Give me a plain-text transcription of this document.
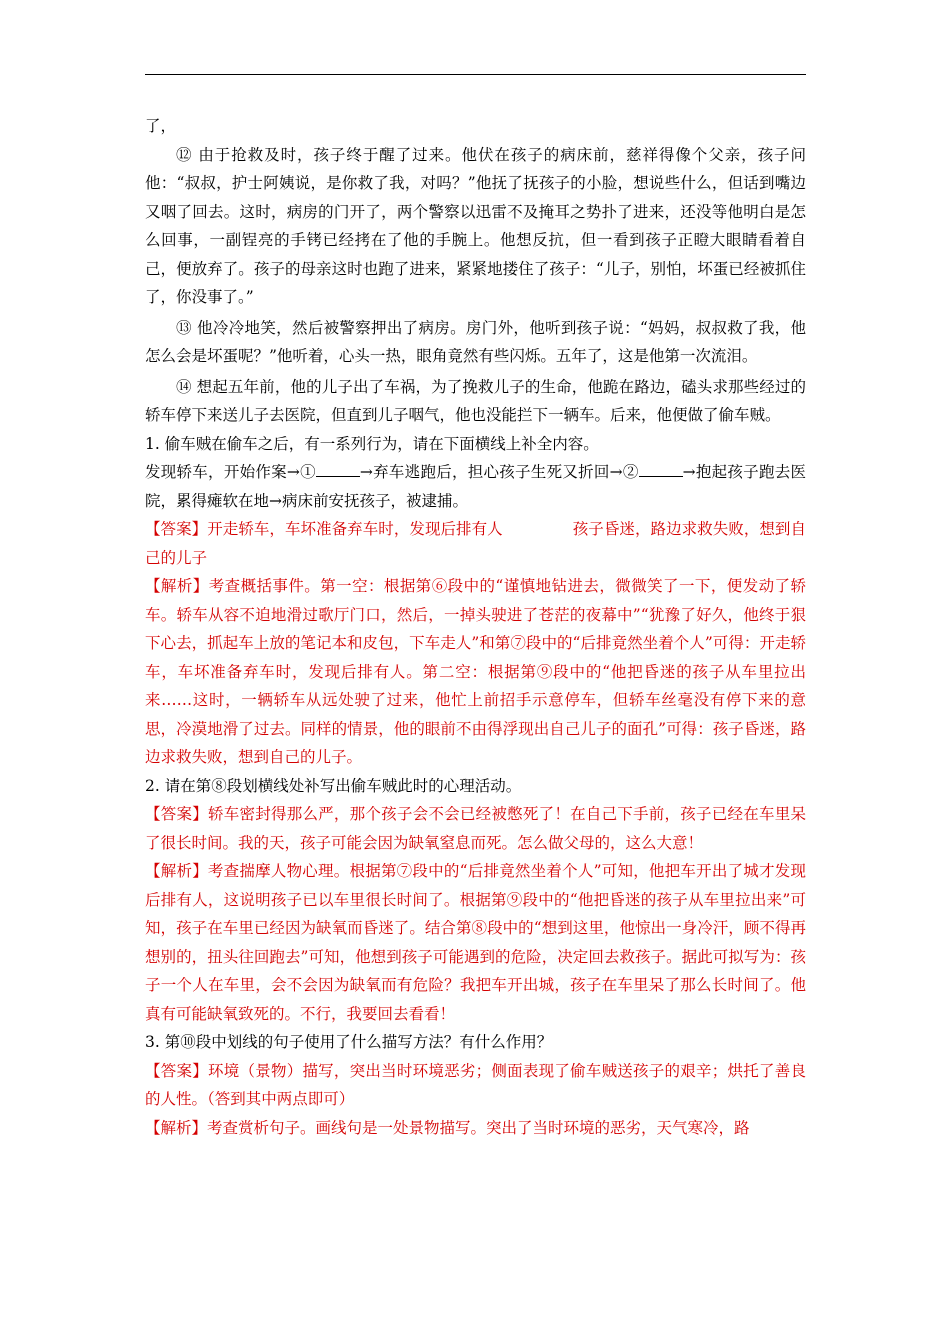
了，

⑫ 由于抢救及时，孩子终于醒了过来。他伏在孩子的病床前，慈祥得像个父亲，孩子问他：“叔叔，护士阿姨说，是你救了我，对吗？”他抚了抚孩子的小脸，想说些什么，但话到嘴边又咽了回去。这时，病房的门开了，两个警察以迅雷不及掩耳之势扑了进来，还没等他明白是怎么回事，一副锃亮的手铐已经拷在了他的手腕上。他想反抗，但一看到孩子正瞪大眼睛看着自己，便放弃了。孩子的母亲这时也跑了进来，紧紧地搂住了孩子：“儿子，别怕，坏蛋已经被抓住了，你没事了。”

⑬ 他冷冷地笑，然后被警察押出了病房。房门外，他听到孩子说：“妈妈，叔叔救了我，他怎么会是坏蛋呢？”他听着，心头一热，眼角竟然有些闪烁。五年了，这是他第一次流泪。

⑭ 想起五年前，他的儿子出了车祸，为了挽救儿子的生命，他跪在路边，磕头求那些经过的轿车停下来送儿子去医院，但直到儿子咽气，他也没能拦下一辆车。后来，他便做了偷车贼。

1. 偷车贼在偷车之后，有一系列行为，请在下面横线上补全内容。

发现轿车，开始作案→①	→弃车逃跑后，担心孩子生死又折回→②	→抱起孩子跑去医院，累得瘫软在地→病床前安抚孩子，被逮捕。

【答案】开走轿车，车坏准备弃车时，发现后排有人	孩子昏迷，路边求救失败，想到自己的儿子

【解析】考查概括事件。第一空：根据第⑥段中的“谨慎地钻进去，微微笑了一下，便发动了轿车。轿车从容不迫地滑过歌厅门口，然后，一掉头驶进了苍茫的夜幕中”“犹豫了好久，他终于狠下心去，抓起车上放的笔记本和皮包，下车走人”和第⑦段中的“后排竟然坐着个人”可得：开走轿车，车坏准备弃车时，发现后排有人。第二空：根据第⑨段中的“他把昏迷的孩子从车里拉出来……这时，一辆轿车从远处驶了过来，他忙上前招手示意停车，但轿车丝毫没有停下来的意思，冷漠地滑了过去。同样的情景，他的眼前不由得浮现出自己儿子的面孔”可得：孩子昏迷，路边求救失败，想到自己的儿子。

2. 请在第⑧段划横线处补写出偷车贼此时的心理活动。

【答案】轿车密封得那么严，那个孩子会不会已经被憋死了！在自己下手前，孩子已经在车里呆了很长时间。我的天，孩子可能会因为缺氧窒息而死。怎么做父母的，这么大意！

【解析】考查揣摩人物心理。根据第⑦段中的“后排竟然坐着个人”可知，他把车开出了城才发现后排有人，这说明孩子已以车里很长时间了。根据第⑨段中的“他把昏迷的孩子从车里拉出来”可知，孩子在车里已经因为缺氧而昏迷了。结合第⑧段中的“想到这里，他惊出一身冷汗，顾不得再想别的，扭头往回跑去”可知，他想到孩子可能遇到的危险，决定回去救孩子。据此可拟写为：孩子一个人在车里，会不会因为缺氧而有危险？我把车开出城，孩子在车里呆了那么长时间了。他真有可能缺氧致死的。不行，我要回去看看！

3. 第⑩段中划线的句子使用了什么描写方法？有什么作用？

【答案】环境（景物）描写，突出当时环境恶劣；侧面表现了偷车贼送孩子的艰辛；烘托了善良的人性。（答到其中两点即可）

【解析】考查赏析句子。画线句是一处景物描写。突出了当时环境的恶劣，天气寒冷，路
